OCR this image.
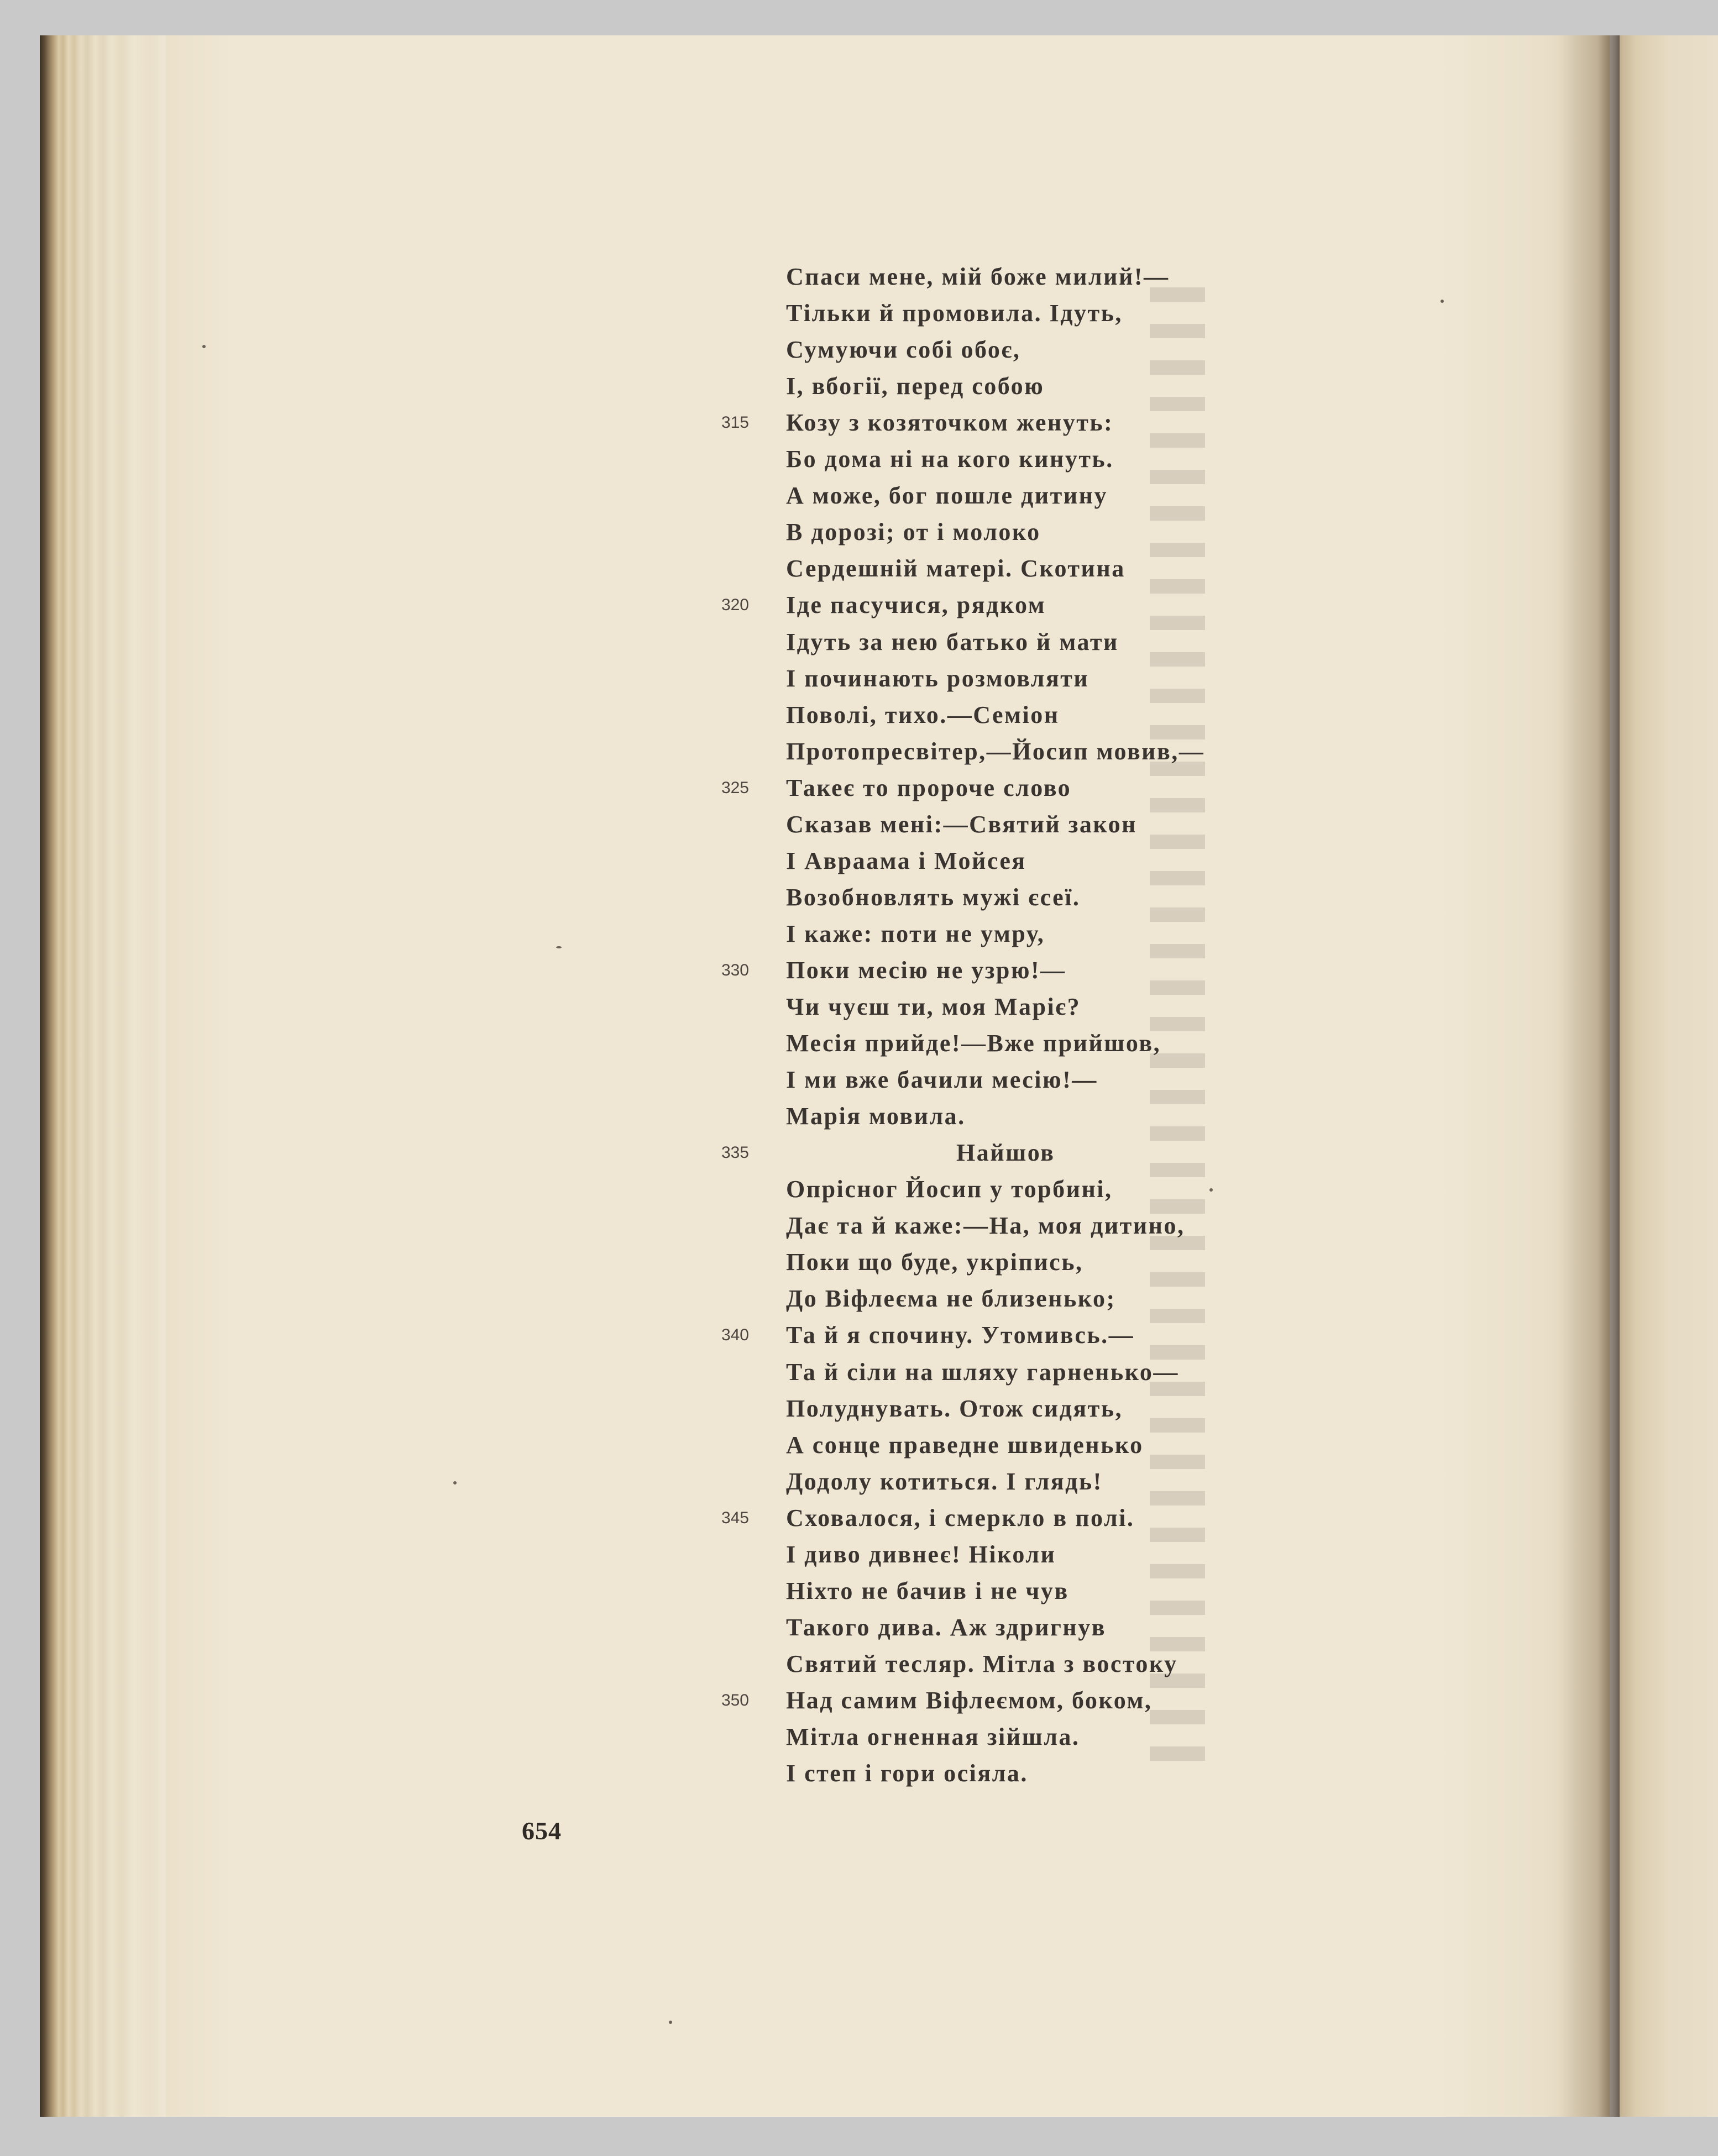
Спаси мене, мій боже милий!—
Тільки й промовила. Ідуть,
Сумуючи собі обоє,
І, вбогії, перед собою
Козу з козяточком женуть:
315
Бо дома ні на кого кинуть.
А може, бог пошле дитину
В дорозі; от і молоко
Сердешній матері. Скотина
Іде пасучися, рядком
320
Ідуть за нею батько й мати
І починають розмовляти
Поволі, тихо.—Семіон
Протопресвітер,—Йосип мовив,—
Такеє то пророче слово
325
Сказав мені:—Святий закон
І Авраама і Мойсея
Возобновлять мужі єсеї.
І каже: поти не умру,
Поки месію не узрю!—
330
Чи чуєш ти, моя Маріє?
Месія прийде!—Вже прийшов,
І ми вже бачили месію!—
Марія мовила.
Найшов
335
Опрісног Йосип у торбині,
Дає та й каже:—На, моя дитино,
Поки що буде, укріпись,
До Віфлеєма не близенько;
Та й я спочину. Утомивсь.—
340
Та й сіли на шляху гарненько—
Полуднувать. Отож сидять,
А сонце праведне швиденько
Додолу котиться. І глядь!
Сховалося, і смеркло в полі.
345
І диво дивнеє! Ніколи
Ніхто не бачив і не чув
Такого дива. Аж здригнув
Святий тесляр. Мітла з востоку
Над самим Віфлеємом, боком,
350
Мітла огненная зійшла.
І степ і гори осіяла.
654
